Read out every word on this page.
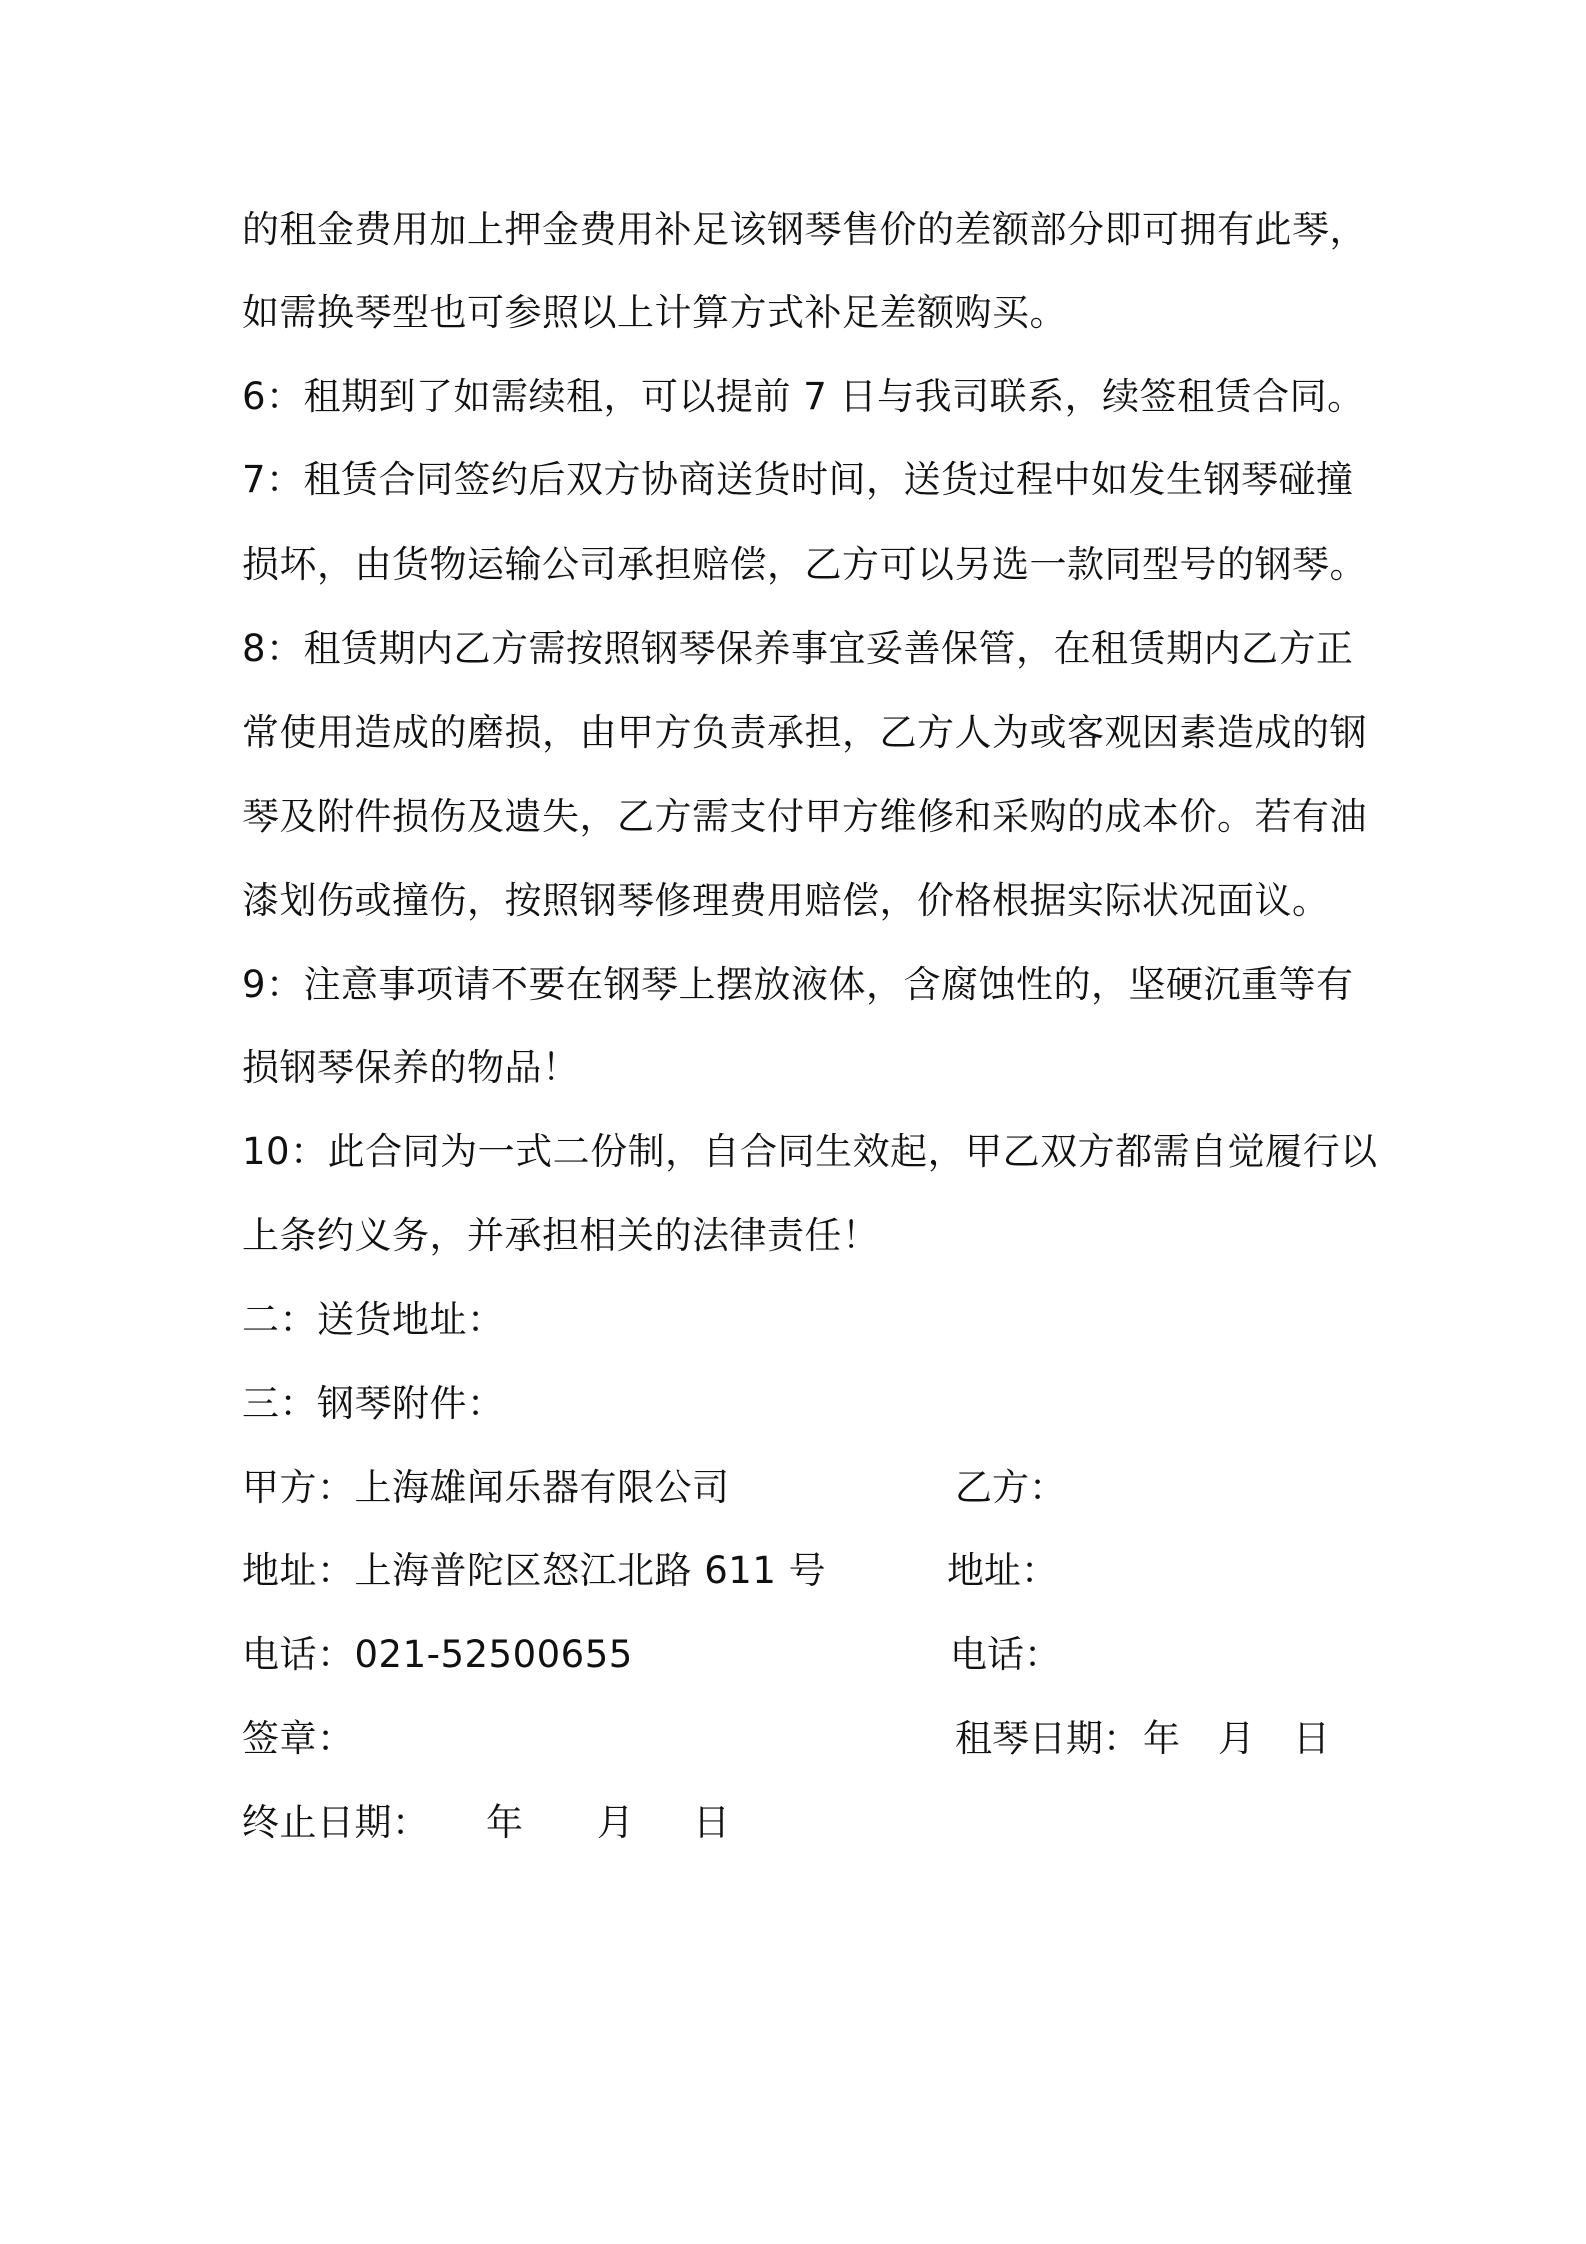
的租金费用加上押金费用补足该钢琴售价的差额部分即可拥有此琴，
如需换琴型也可参照以上计算方式补足差额购买。
6：租期到了如需续租，可以提前 7 日与我司联系，续签租赁合同。
7：租赁合同签约后双方协商送货时间，送货过程中如发生钢琴碰撞
损坏，由货物运输公司承担赔偿，乙方可以另选一款同型号的钢琴。
8：租赁期内乙方需按照钢琴保养事宜妥善保管，在租赁期内乙方正
常使用造成的磨损，由甲方负责承担，乙方人为或客观因素造成的钢
琴及附件损伤及遗失，乙方需支付甲方维修和采购的成本价。若有油
漆划伤或撞伤，按照钢琴修理费用赔偿，价格根据实际状况面议。
9：注意事项请不要在钢琴上摆放液体，含腐蚀性的，坚硬沉重等有
损钢琴保养的物品！
10：此合同为一式二份制，自合同生效起，甲乙双方都需自觉履行以
上条约义务，并承担相关的法律责任！
二：送货地址：
三：钢琴附件：
甲方：上海雄闻乐器有限公司	乙方：
地址：上海普陀区怒江北路 611 号	地址：
电话：021-52500655	电话：
签章：	租琴日期： 年 月 日
终止日期： 年 月 日
